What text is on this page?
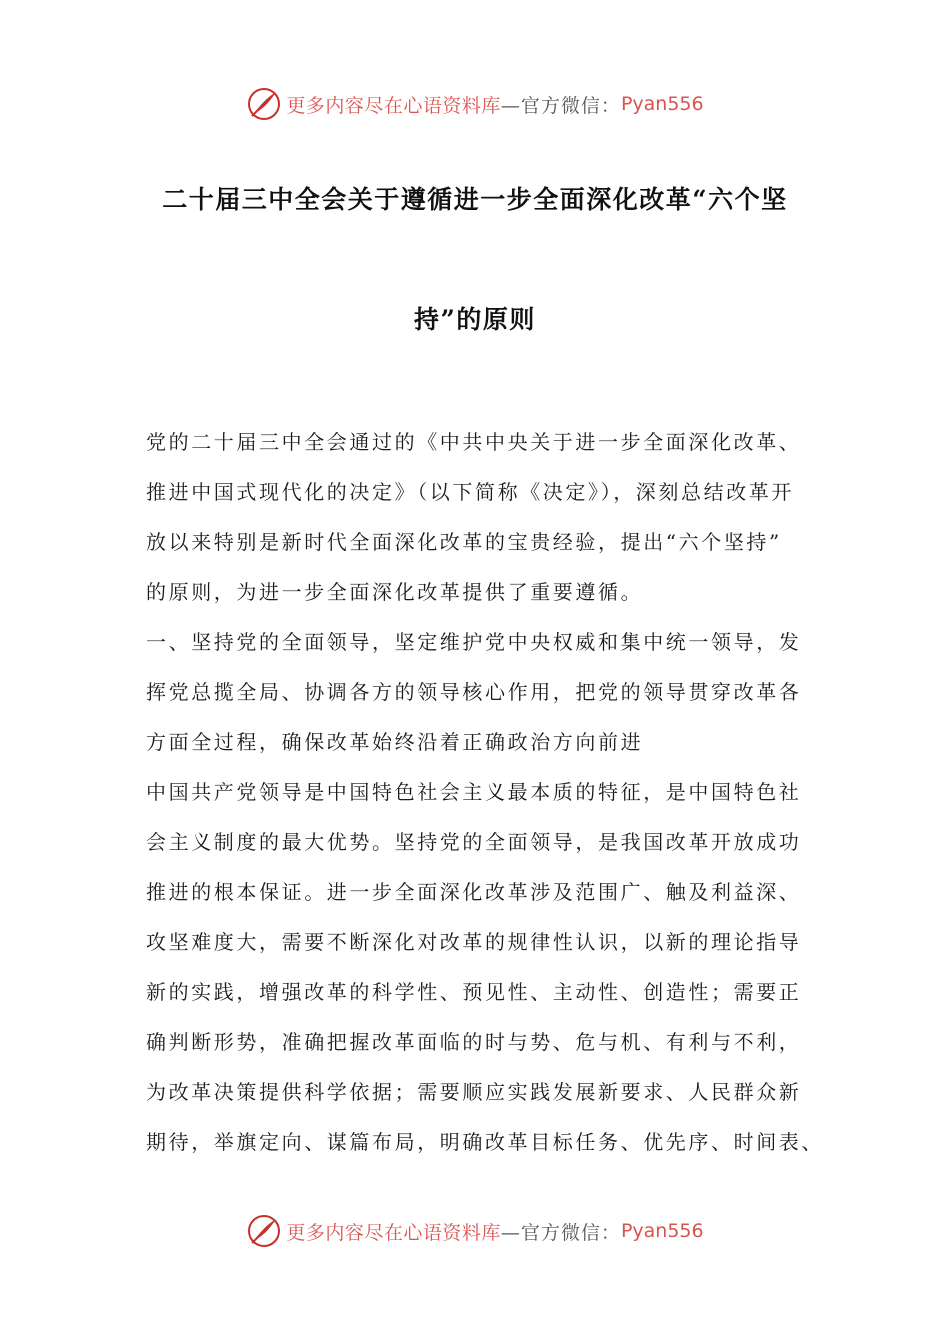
更多内容尽在心语资料库 —官方微信： Pyan556
二十届三中全会关于遵循进一步全面深化改革“六个坚
持”的原则
党的二十届三中全会通过的《中共中央关于进一步全面深化改革、
推进中国式现代化的决定》（以下简称《决定》），深刻总结改革开
放以来特别是新时代全面深化改革的宝贵经验，提出“六个坚持”
的原则，为进一步全面深化改革提供了重要遵循。
一、坚持党的全面领导，坚定维护党中央权威和集中统一领导，发
挥党总揽全局、协调各方的领导核心作用，把党的领导贯穿改革各
方面全过程，确保改革始终沿着正确政治方向前进
中国共产党领导是中国特色社会主义最本质的特征，是中国特色社
会主义制度的最大优势。坚持党的全面领导，是我国改革开放成功
推进的根本保证。进一步全面深化改革涉及范围广、触及利益深、
攻坚难度大，需要不断深化对改革的规律性认识，以新的理论指导
新的实践，增强改革的科学性、预见性、主动性、创造性；需要正
确判断形势，准确把握改革面临的时与势、危与机、有利与不利，
为改革决策提供科学依据；需要顺应实践发展新要求、人民群众新
期待，举旗定向、谋篇布局，明确改革目标任务、优先序、时间表、
更多内容尽在心语资料库 —官方微信： Pyan556
